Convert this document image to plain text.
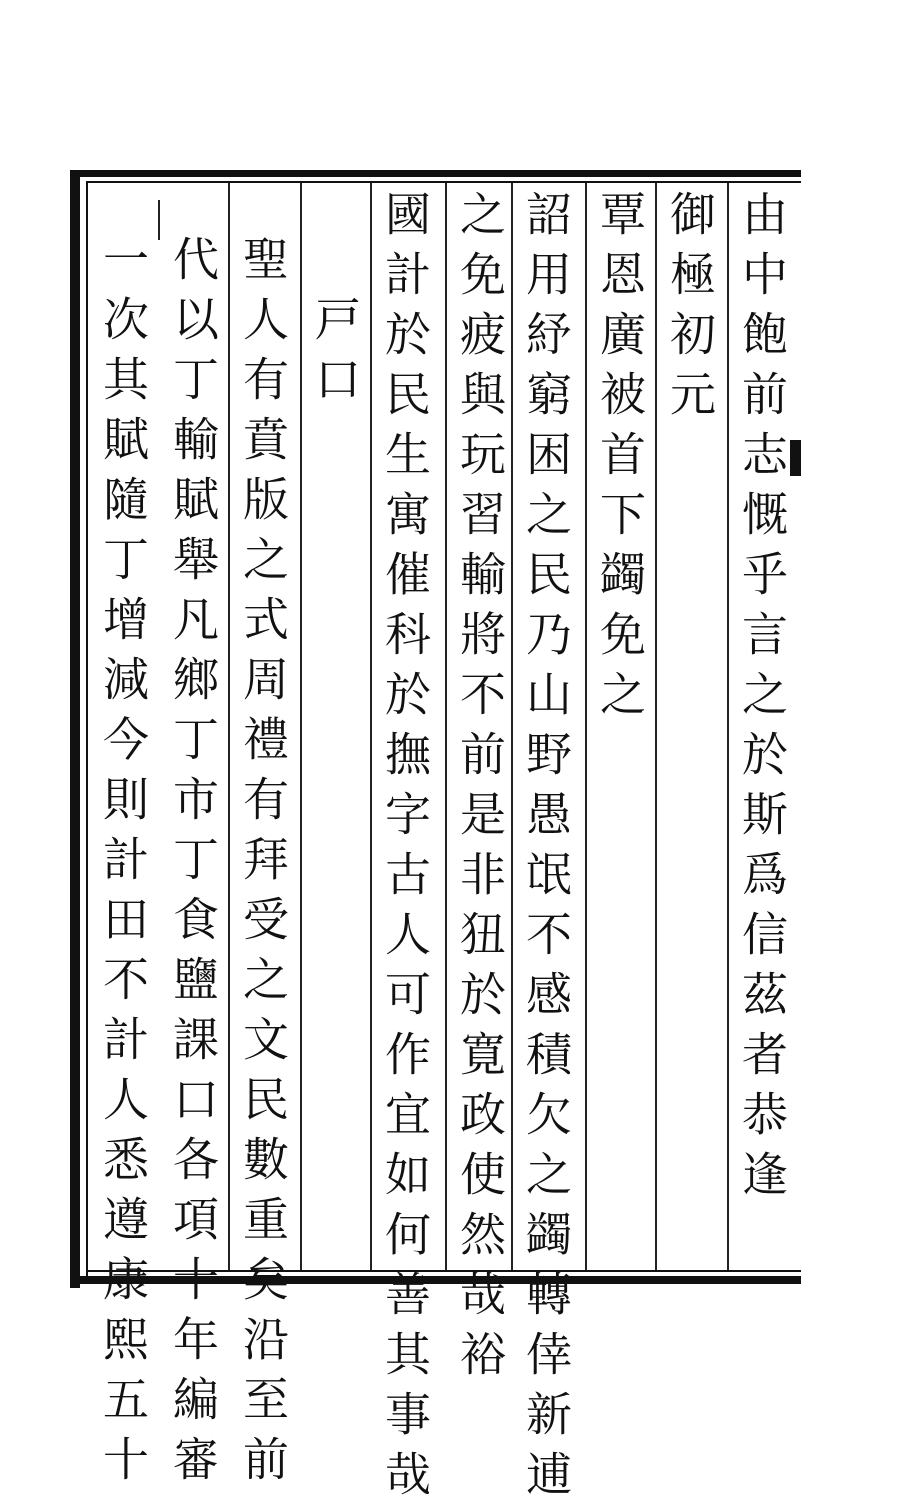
由中飽前志慨乎言之於斯爲信茲者恭逢
御極初元
覃恩廣被首下蠲免之
詔用紓窮困之民乃山野愚氓不感積欠之蠲轉倖新逋
之免疲與玩習輸將不前是非狃於寛政使然哉裕
國計於民生寓催科於撫字古人可作宜如何善其事哉
戸口
聖人有賁版之式周禮有拜受之文民數重矣沿至前
代以丁輸賦舉凡鄉丁市丁食鹽課口各項十年編審
一次其賦隨丁增減今則計田不計人悉遵康熙五十
